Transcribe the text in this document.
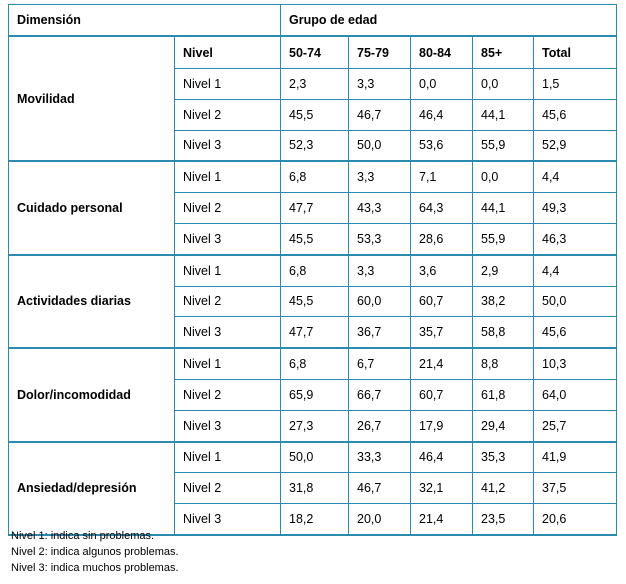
Dimensión		Grupo de edad				
Movilidad	Nivel	50-74	75-79	80-84	85+	Total
	Nivel 1	2,3	3,3	0,0	0,0	1,5
	Nivel 2	45,5	46,7	46,4	44,1	45,6
	Nivel 3	52,3	50,0	53,6	55,9	52,9
Cuidado personal	Nivel 1	6,8	3,3	7,1	0,0	4,4
	Nivel 2	47,7	43,3	64,3	44,1	49,3
	Nivel 3	45,5	53,3	28,6	55,9	46,3
Actividades diarias	Nivel 1	6,8	3,3	3,6	2,9	4,4
	Nivel 2	45,5	60,0	60,7	38,2	50,0
	Nivel 3	47,7	36,7	35,7	58,8	45,6
Dolor/incomodidad	Nivel 1	6,8	6,7	21,4	8,8	10,3
	Nivel 2	65,9	66,7	60,7	61,8	64,0
	Nivel 3	27,3	26,7	17,9	29,4	25,7
Ansiedad/depresión	Nivel 1	50,0	33,3	46,4	35,3	41,9
	Nivel 2	31,8	46,7	32,1	41,2	37,5
	Nivel 3	18,2	20,0	21,4	23,5	20,6
Nivel 1: indica sin problemas.
Nivel 2: indica algunos problemas.
Nivel 3: indica muchos problemas.
